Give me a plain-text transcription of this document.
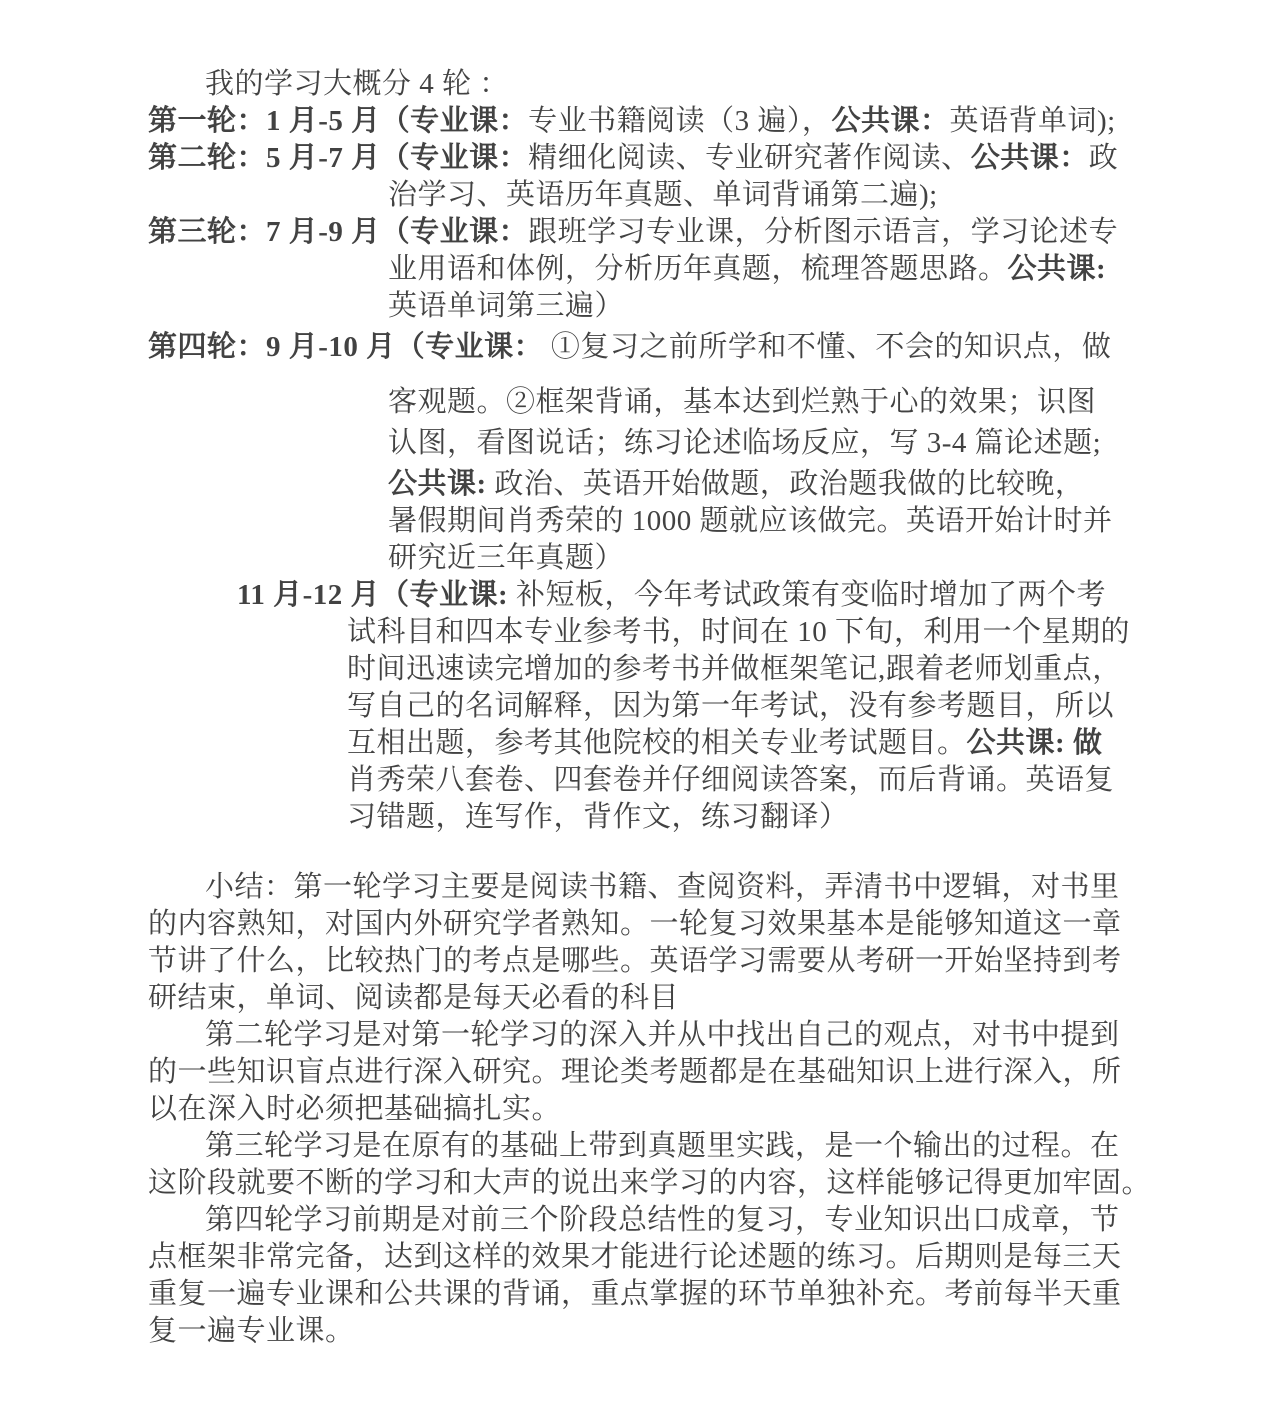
我的学习大概分 4 轮 ：

第一轮：1 月-5 月（专业课：专业书籍阅读（3 遍），公共课：英语背单词);

第二轮：5 月-7 月（专业课：精细化阅读、专业研究著作阅读、公共课：政

治学习、英语历年真题、单词背诵第二遍);

第三轮：7 月-9 月（专业课：跟班学习专业课，分析图示语言，学习论述专

业用语和体例，分析历年真题，梳理答题思路。公共课:

英语单词第三遍）

第四轮：9 月-10 月（专业课： ①复习之前所学和不懂、不会的知识点，做

客观题。②框架背诵，基本达到烂熟于心的效果；识图

认图，看图说话；练习论述临场反应，写 3-4 篇论述题;

公共课: 政治、英语开始做题，政治题我做的比较晚，

暑假期间肖秀荣的 1000 题就应该做完。英语开始计时并

研究近三年真题）

11 月-12 月（专业课: 补短板，今年考试政策有变临时增加了两个考

试科目和四本专业参考书，时间在 10 下旬，利用一个星期的

时间迅速读完增加的参考书并做框架笔记,跟着老师划重点，

写自己的名词解释，因为第一年考试，没有参考题目，所以

互相出题，参考其他院校的相关专业考试题目。公共课: 做

肖秀荣八套卷、四套卷并仔细阅读答案，而后背诵。英语复

习错题，连写作，背作文，练习翻译）

小结：第一轮学习主要是阅读书籍、查阅资料，弄清书中逻辑，对书里

的内容熟知，对国内外研究学者熟知。一轮复习效果基本是能够知道这一章

节讲了什么，比较热门的考点是哪些。英语学习需要从考研一开始坚持到考

研结束，单词、阅读都是每天必看的科目

第二轮学习是对第一轮学习的深入并从中找出自己的观点，对书中提到

的一些知识盲点进行深入研究。理论类考题都是在基础知识上进行深入，所

以在深入时必须把基础搞扎实。

第三轮学习是在原有的基础上带到真题里实践，是一个输出的过程。在

这阶段就要不断的学习和大声的说出来学习的内容，这样能够记得更加牢固。

第四轮学习前期是对前三个阶段总结性的复习，专业知识出口成章，节

点框架非常完备，达到这样的效果才能进行论述题的练习。后期则是每三天

重复一遍专业课和公共课的背诵，重点掌握的环节单独补充。考前每半天重

复一遍专业课。
